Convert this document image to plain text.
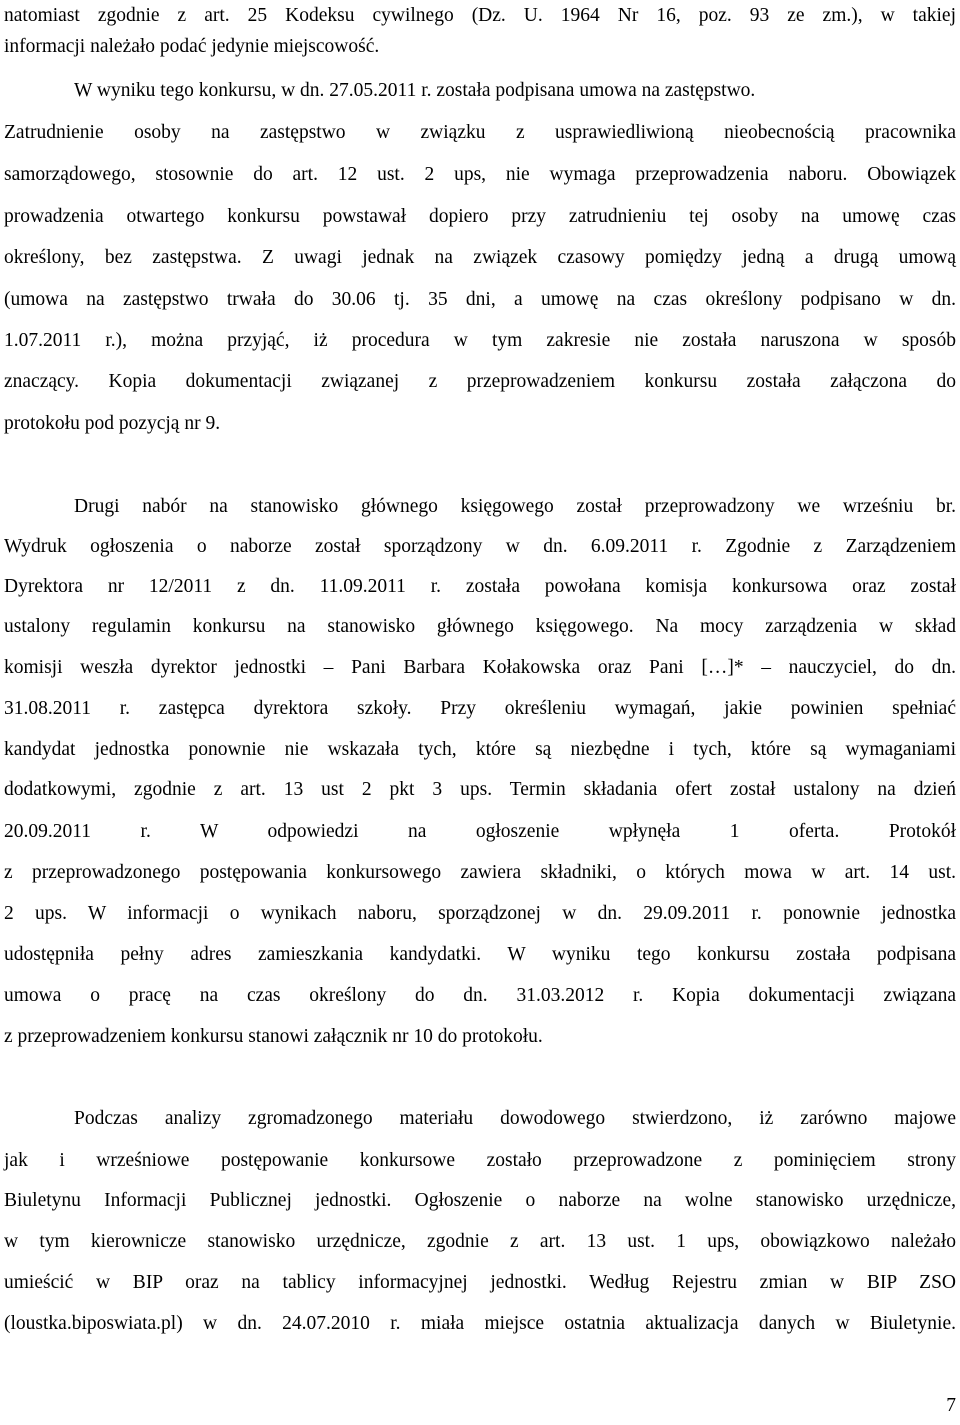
natomiast zgodnie z art. 25 Kodeksu cywilnego (Dz. U. 1964 Nr 16, poz. 93 ze zm.), w takiej
informacji należało podać jedynie miejscowość.
W wyniku tego konkursu, w dn. 27.05.2011 r. została podpisana umowa na zastępstwo.
Zatrudnienie osoby na zastępstwo w związku z usprawiedliwioną nieobecnością pracownika
samorządowego, stosownie do art. 12 ust. 2 ups, nie wymaga przeprowadzenia naboru. Obowiązek
prowadzenia otwartego konkursu powstawał dopiero przy zatrudnieniu tej osoby na umowę czas
określony, bez zastępstwa. Z uwagi jednak na związek czasowy pomiędzy jedną a drugą umową
(umowa na zastępstwo trwała do 30.06 tj. 35 dni, a umowę na czas określony podpisano w dn.
1.07.2011 r.), można przyjąć, iż procedura w tym zakresie nie została naruszona w sposób
znaczący. Kopia dokumentacji związanej z przeprowadzeniem konkursu została załączona do
protokołu pod pozycją nr 9.
Drugi nabór na stanowisko głównego księgowego został przeprowadzony we wrześniu br.
Wydruk ogłoszenia o naborze został sporządzony w dn. 6.09.2011 r. Zgodnie z Zarządzeniem
Dyrektora nr 12/2011 z dn. 11.09.2011 r. została powołana komisja konkursowa oraz został
ustalony regulamin konkursu na stanowisko głównego księgowego. Na mocy zarządzenia w skład
komisji weszła dyrektor jednostki – Pani Barbara Kołakowska oraz Pani […]* – nauczyciel, do dn.
31.08.2011 r. zastępca dyrektora szkoły. Przy określeniu wymagań, jakie powinien spełniać
kandydat jednostka ponownie nie wskazała tych, które są niezbędne i tych, które są wymaganiami
dodatkowymi, zgodnie z art. 13 ust 2 pkt 3 ups. Termin składania ofert został ustalony na dzień
20.09.2011 r. W odpowiedzi na ogłoszenie wpłynęła 1 oferta. Protokół
z przeprowadzonego postępowania konkursowego zawiera składniki, o których mowa w art. 14 ust.
2 ups. W informacji o wynikach naboru, sporządzonej w dn. 29.09.2011 r. ponownie jednostka
udostępniła pełny adres zamieszkania kandydatki. W wyniku tego konkursu została podpisana
umowa o pracę na czas określony do dn. 31.03.2012 r. Kopia dokumentacji związana
z przeprowadzeniem konkursu stanowi załącznik nr 10 do protokołu.
Podczas analizy zgromadzonego materiału dowodowego stwierdzono, iż zarówno majowe
jak i wrześniowe postępowanie konkursowe zostało przeprowadzone z pominięciem strony
Biuletynu Informacji Publicznej jednostki. Ogłoszenie o naborze na wolne stanowisko urzędnicze,
w tym kierownicze stanowisko urzędnicze, zgodnie z art. 13 ust. 1 ups, obowiązkowo należało
umieścić w BIP oraz na tablicy informacyjnej jednostki. Według Rejestru zmian w BIP ZSO
(loustka.biposwiata.pl) w dn. 24.07.2010 r. miała miejsce ostatnia aktualizacja danych w Biuletynie.
7
